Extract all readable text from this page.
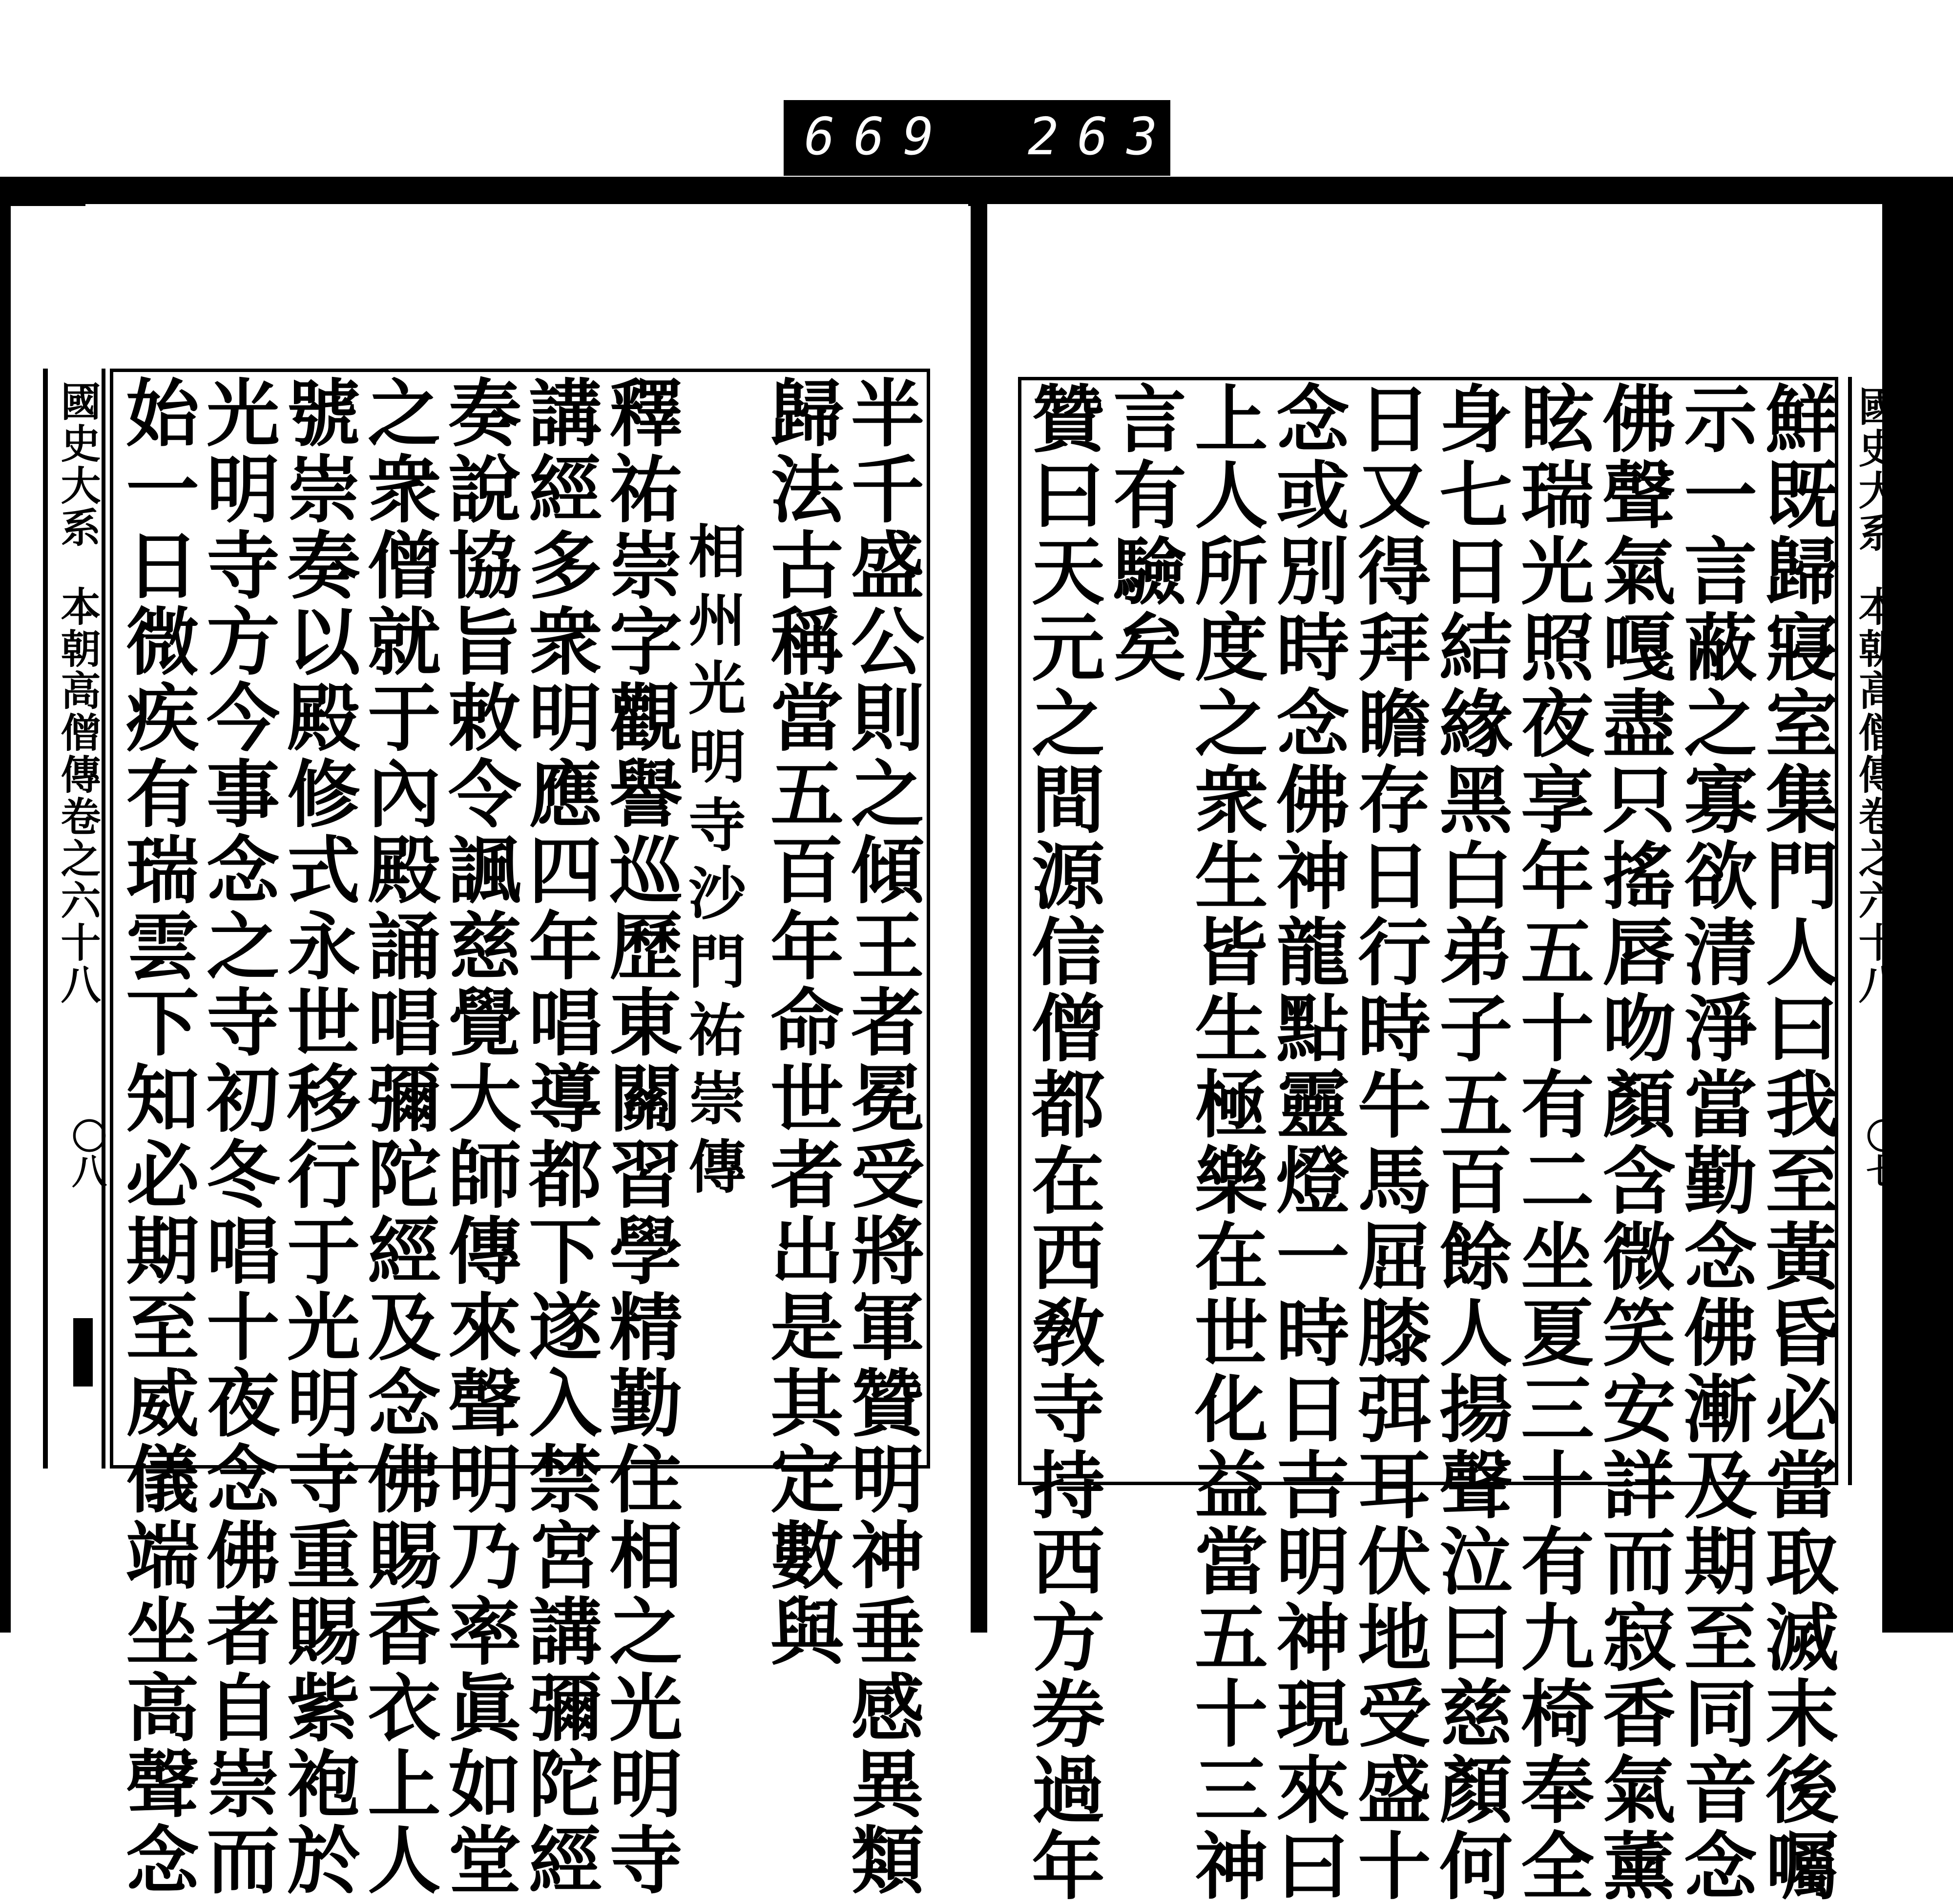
669 263.
國史大系
本朝高僧傳卷之六十八
〇八	半千盛公則之傾王者冕受將軍贊明神垂感異類
歸法古稱當五百年命世者出是其定數與
相州光明寺沙門祐崇傳
釋祐崇字觀譽巡歷東關習學精勤住相之光明寺
講經多衆明應四年唱導都下遂入禁宮講彌陀經
奏說協旨敕令諷慈覺大師傳來聲明乃率眞如堂
之衆僧就于內殿誦唱彌陀經及念佛賜香衣上人
號崇奏以殿修式永世移行于光明寺重賜紫袍於
光明寺方今事念之寺初冬唱十夜念佛者自崇而
始一日微疾有瑞雲下知必期至威儀端坐高聲念	國史大系
本朝高僧傳卷之六十八
〇七
鮮既歸寢室集門人曰我至黃昏必當取滅末後囑
示一言蔽之寡欲清淨當勤念佛漸及期至同音念
佛聲氣嘎盡只搖唇吻顏含微笑安詳而寂香氣薰
眩瑞光照夜享年五十有二坐夏三十有九椅奉全
身七日結緣黑白弟子五百餘人揚聲泣曰慈顏何
日又得拜瞻存日行時牛馬屈膝弭耳伏地受盛十
念或別時念佛神龍點靈燈一時日吉明神現來曰
上人所度之衆生皆生極樂在世化益當五十三神
言有驗矣
贊曰天元之間源信僧都在西敎寺持西方券過年
